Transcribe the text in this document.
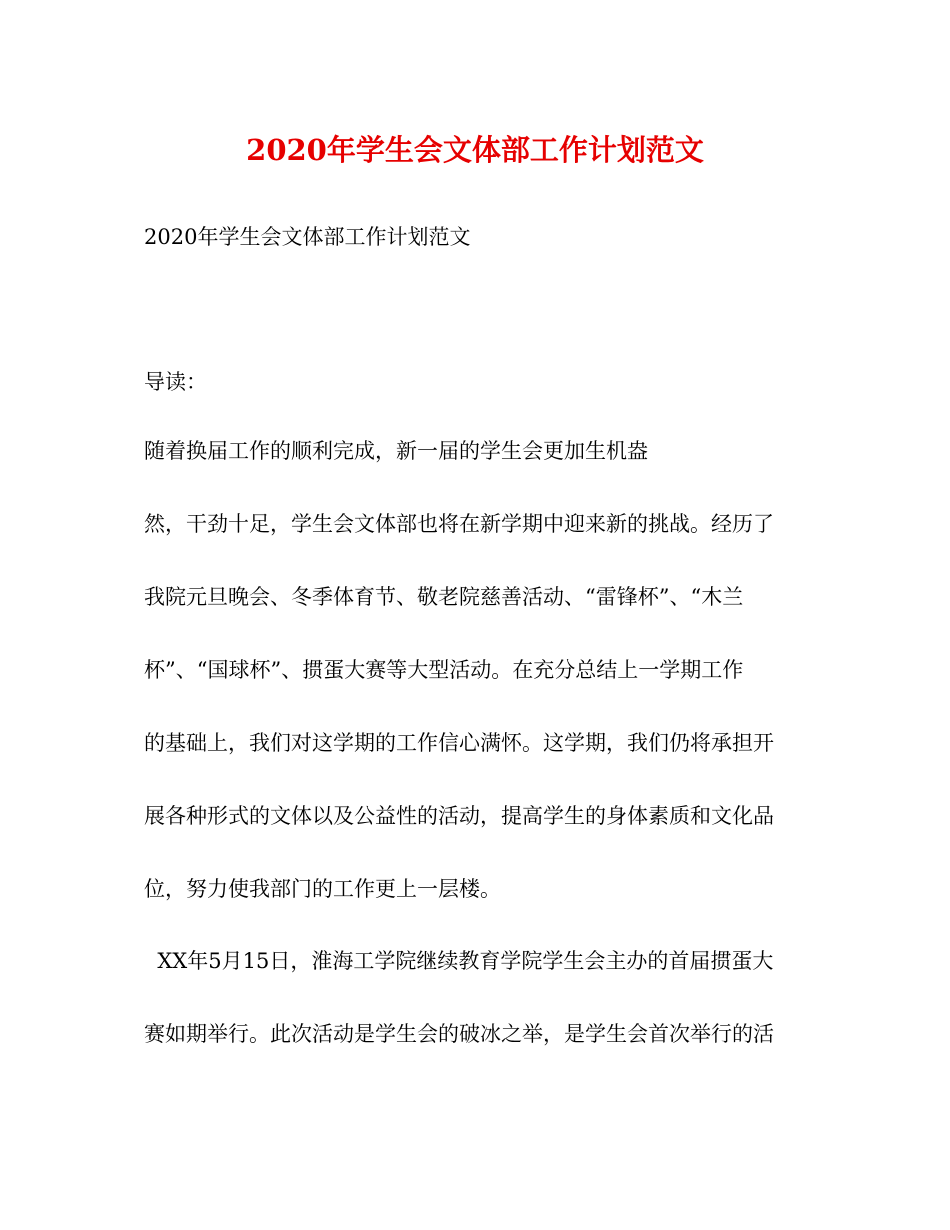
2020年学生会文体部工作计划范文
2020年学生会文体部工作计划范文
导读：
随着换届工作的顺利完成，新一届的学生会更加生机盎
然，干劲十足，学生会文体部也将在新学期中迎来新的挑战。经历了
我院元旦晚会、冬季体育节、敬老院慈善活动、“雷锋杯”、“木兰
杯”、“国球杯”、掼蛋大赛等大型活动。在充分总结上一学期工作
的基础上，我们对这学期的工作信心满怀。这学期，我们仍将承担开
展各种形式的文体以及公益性的活动，提高学生的身体素质和文化品
位，努力使我部门的工作更上一层楼。
XX年5月15日，淮海工学院继续教育学院学生会主办的首届掼蛋大
赛如期举行。此次活动是学生会的破冰之举，是学生会首次举行的活
